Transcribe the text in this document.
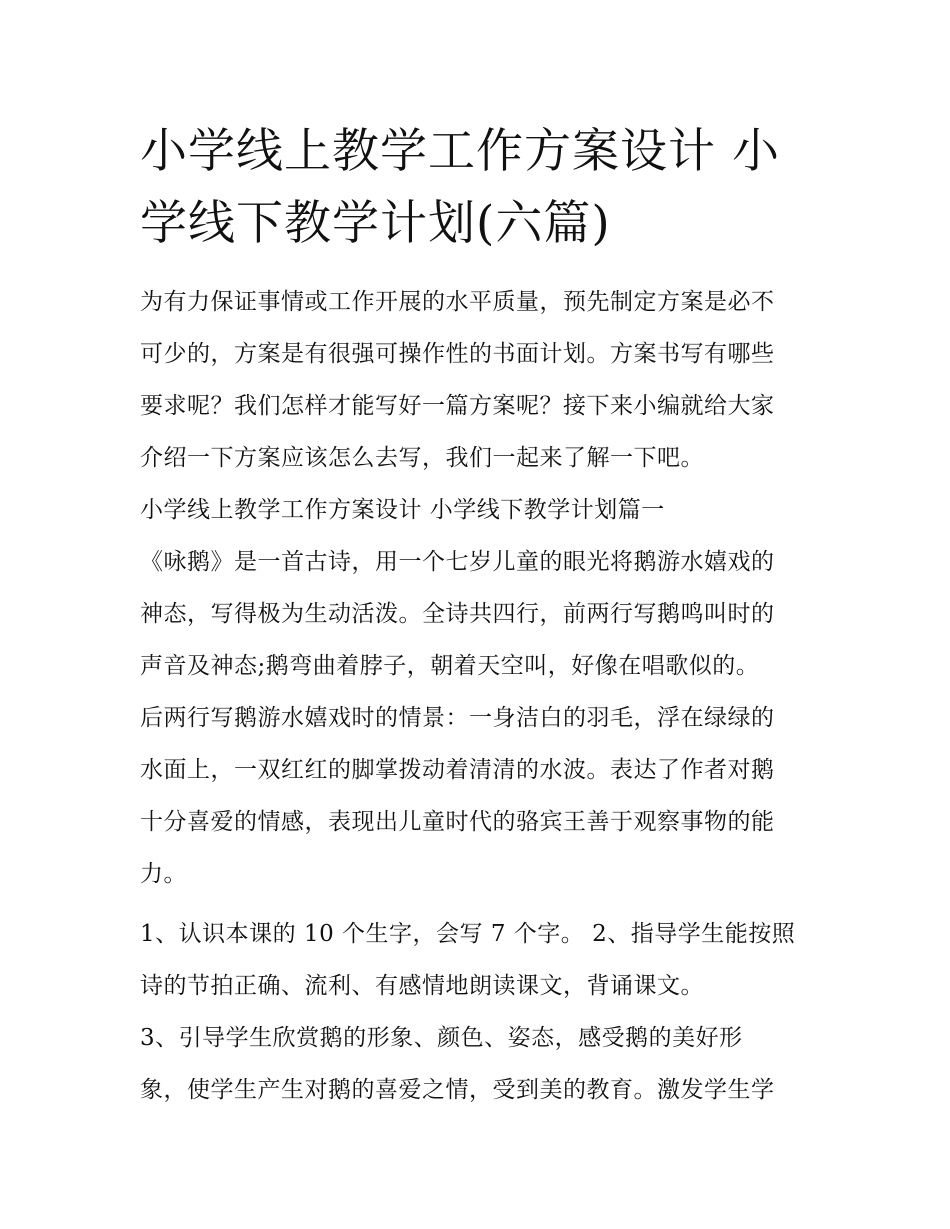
小学线上教学工作方案设计 小
学线下教学计划(六篇)

为有力保证事情或工作开展的水平质量，预先制定方案是必不
可少的，方案是有很强可操作性的书面计划。方案书写有哪些
要求呢？我们怎样才能写好一篇方案呢？接下来小编就给大家
介绍一下方案应该怎么去写，我们一起来了解一下吧。

小学线上教学工作方案设计 小学线下教学计划篇一

《咏鹅》是一首古诗，用一个七岁儿童的眼光将鹅游水嬉戏的
神态，写得极为生动活泼。全诗共四行，前两行写鹅鸣叫时的
声音及神态;鹅弯曲着脖子，朝着天空叫，好像在唱歌似的。
后两行写鹅游水嬉戏时的情景：一身洁白的羽毛，浮在绿绿的
水面上，一双红红的脚掌拨动着清清的水波。表达了作者对鹅
十分喜爱的情感，表现出儿童时代的骆宾王善于观察事物的能
力。

1、认识本课的 10 个生字，会写 7 个字。 2、指导学生能按照
诗的节拍正确、流利、有感情地朗读课文，背诵课文。

3、引导学生欣赏鹅的形象、颜色、姿态，感受鹅的美好形
象，使学生产生对鹅的喜爱之情，受到美的教育。激发学生学
